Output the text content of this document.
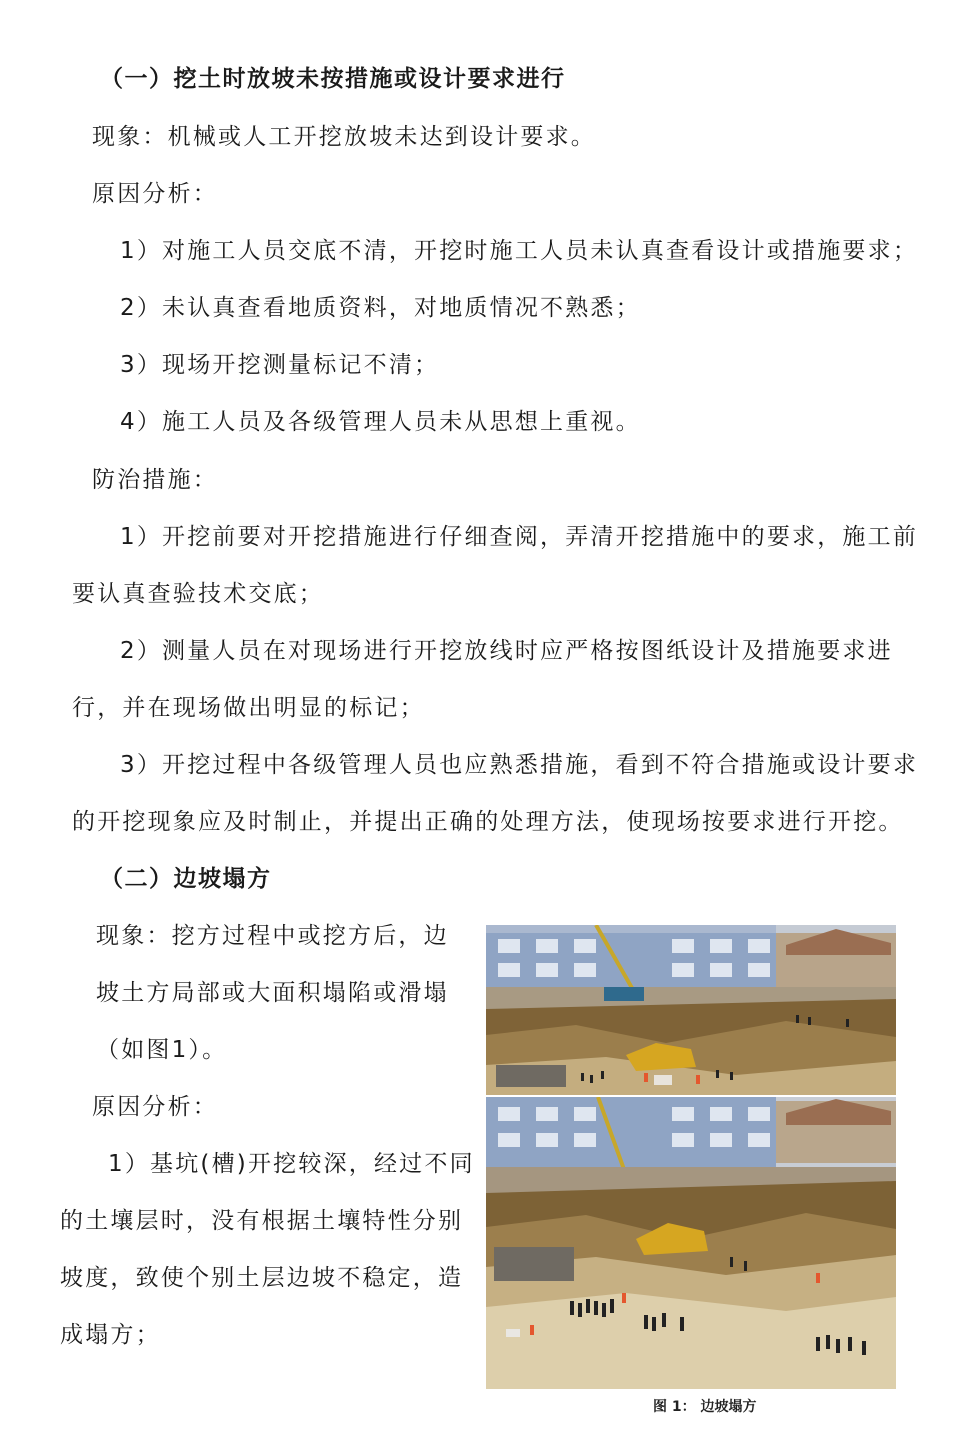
（一）挖土时放坡未按措施或设计要求进行
现象：机械或人工开挖放坡未达到设计要求。
原因分析：
1）对施工人员交底不清，开挖时施工人员未认真查看设计或措施要求；
2）未认真查看地质资料，对地质情况不熟悉；
3）现场开挖测量标记不清；
4）施工人员及各级管理人员未从思想上重视。
防治措施：
1）开挖前要对开挖措施进行仔细查阅，弄清开挖措施中的要求，施工前
要认真查验技术交底；
2）测量人员在对现场进行开挖放线时应严格按图纸设计及措施要求进
行，并在现场做出明显的标记；
3）开挖过程中各级管理人员也应熟悉措施，看到不符合措施或设计要求
的开挖现象应及时制止，并提出正确的处理方法，使现场按要求进行开挖。
（二）边坡塌方
现象：挖方过程中或挖方后，边
坡土方局部或大面积塌陷或滑塌
（如图1）。
原因分析：
1）基坑(槽)开挖较深，经过不同
的土壤层时，没有根据土壤特性分别
坡度，致使个别土层边坡不稳定，造
成塌方；
图 1： 边坡塌方
